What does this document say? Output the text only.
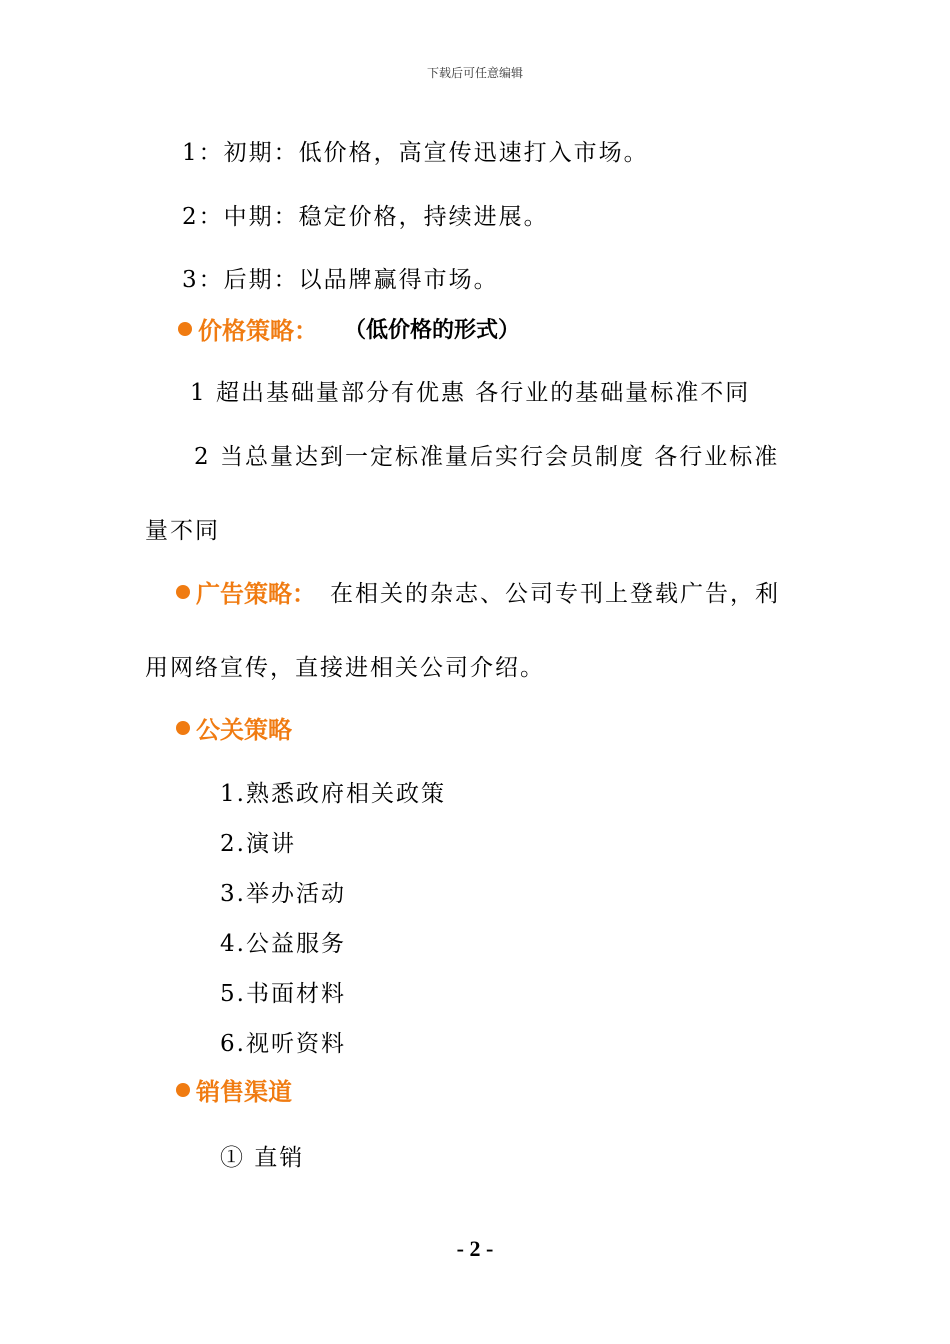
下载后可任意编辑
1：初期：低价格，高宣传迅速打入市场。
2：中期：稳定价格，持续进展。
3：后期：以品牌赢得市场。
价格策略： （低价格的形式）
1 超出基础量部分有优惠 各行业的基础量标准不同
2 当总量达到一定标准量后实行会员制度 各行业标准
量不同
广告策略： 在相关的杂志、公司专刊上登载广告，利
用网络宣传，直接进相关公司介绍。
公关策略
1.熟悉政府相关政策
2.演讲
3.举办活动
4.公益服务
5.书面材料
6.视听资料
销售渠道
① 直销
- 2 -
